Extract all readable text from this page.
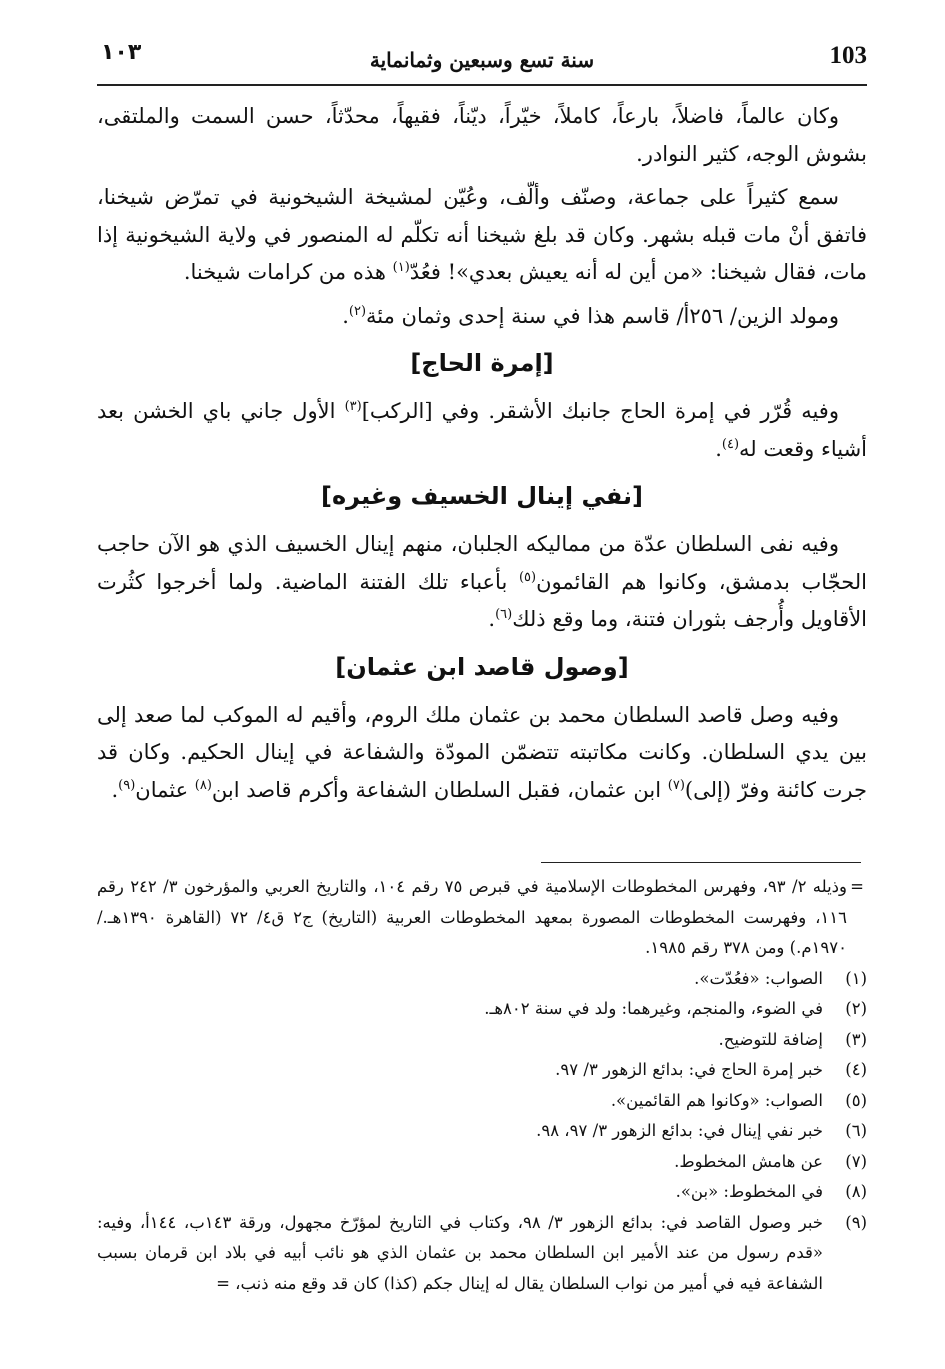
103
سنة تسع وسبعين وثمانماية
١٠٣

وكان عالماً، فاضلاً، بارعاً، كاملاً، خيّراً، ديّناً، فقيهاً، محدّثاً، حسن السمت والملتقى، بشوش الوجه، كثير النوادر.

سمع كثيراً على جماعة، وصنّف وألّف، وعُيّن لمشيخة الشيخونية في تمرّض شيخنا، فاتفق أنْ مات قبله بشهر. وكان قد بلغ شيخنا أنه تكلّم له المنصور في ولاية الشيخونية إذا مات، فقال شيخنا: «من أين له أنه يعيش بعدي»! فعُدّ$^{(١)}$ هذه من كرامات شيخنا.

ومولد الزين/ ٢٥٦أ/ قاسم هذا في سنة إحدى وثمان مئة$^{(٢)}$.

[إمرة الحاج]

وفيه قُرّر في إمرة الحاج جانبك الأشقر. وفي [الركب]$^{(٣)}$ الأول جاني باي الخشن بعد أشياء وقعت له$^{(٤)}$.

[نفي إينال الخسيف وغيره]

وفيه نفى السلطان عدّة من مماليكه الجلبان، منهم إينال الخسيف الذي هو الآن حاجب الحجّاب بدمشق، وكانوا هم القائمون$^{(٥)}$ بأعباء تلك الفتنة الماضية. ولما أخرجوا كثُرت الأقاويل وأُرجف بثوران فتنة، وما وقع ذلك$^{(٦)}$.

[وصول قاصد ابن عثمان]

وفيه وصل قاصد السلطان محمد بن عثمان ملك الروم، وأقيم له الموكب لما صعد إلى بين يدي السلطان. وكانت مكاتبته تتضمّن المودّة والشفاعة في إينال الحكيم. وكان قد جرت كائنة وفرّ (إلى)$^{(٧)}$ ابن عثمان، فقبل السلطان الشفاعة وأكرم قاصد ابن$^{(٨)}$ عثمان$^{(٩)}$.

=
وذيله ٢/ ٩٣، وفهرس المخطوطات الإسلامية في قبرص ٧٥ رقم ١٠٤، والتاريخ العربي والمؤرخون ٣/ ٢٤٢ رقم ١١٦، وفهرست المخطوطات المصورة بمعهد المخطوطات العربية (التاريخ) ج٢ ق٤/ ٧٢ (القاهرة ١٣٩٠هـ./ ١٩٧٠م.) ومن ٣٧٨ رقم ١٩٨٥.
(١)
الصواب: «فعُدّت».
(٢)
في الضوء، والمنجم، وغيرهما: ولد في سنة ٨٠٢هـ.
(٣)
إضافة للتوضيح.
(٤)
خبر إمرة الحاج في: بدائع الزهور ٣/ ٩٧.
(٥)
الصواب: «وكانوا هم القائمين».
(٦)
خبر نفي إينال في: بدائع الزهور ٣/ ٩٧، ٩٨.
(٧)
عن هامش المخطوط.
(٨)
في المخطوط: «بن».
(٩)
خبر وصول القاصد في: بدائع الزهور ٣/ ٩٨، وكتاب في التاريخ لمؤرّخ مجهول، ورقة ١٤٣ب، ١٤٤أ، وفيه: «قدم رسول من عند الأمير ابن السلطان محمد بن عثمان الذي هو نائب أبيه في بلاد ابن قرمان بسبب الشفاعة فيه في أمير من نواب السلطان يقال له إينال جكم (كذا) كان قد وقع منه ذنب، =
